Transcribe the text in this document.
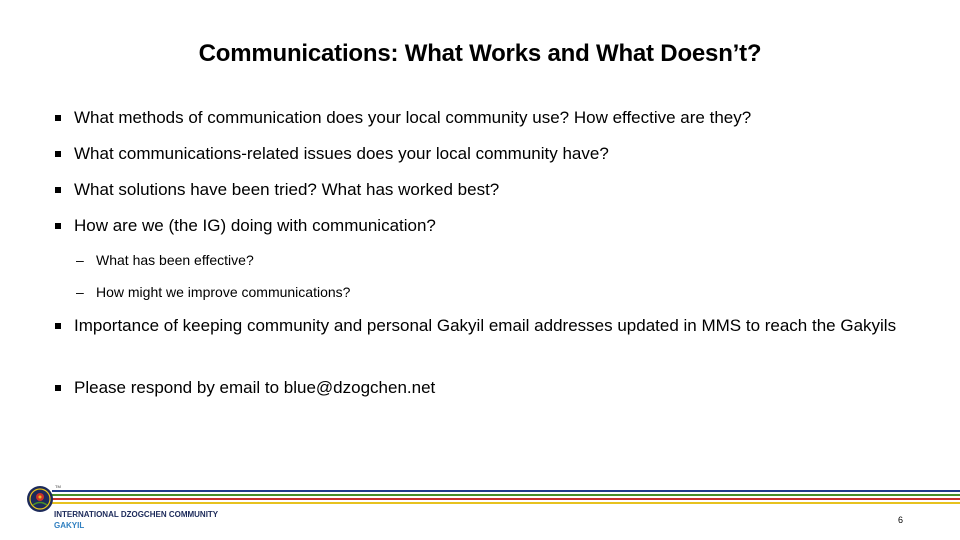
Communications: What Works and What Doesn’t?
What methods of communication does your local community use? How effective are they?
What communications-related issues does your local community have?
What solutions have been tried? What has worked best?
How are we (the IG) doing with communication?
– What has been effective?
– How might we improve communications?
Importance of keeping community and personal Gakyil email addresses updated in MMS to reach the Gakyils
Please respond by email to blue@dzogchen.net
TM
INTERNATIONAL DZOGCHEN COMMUNITY
GAKYIL
6
